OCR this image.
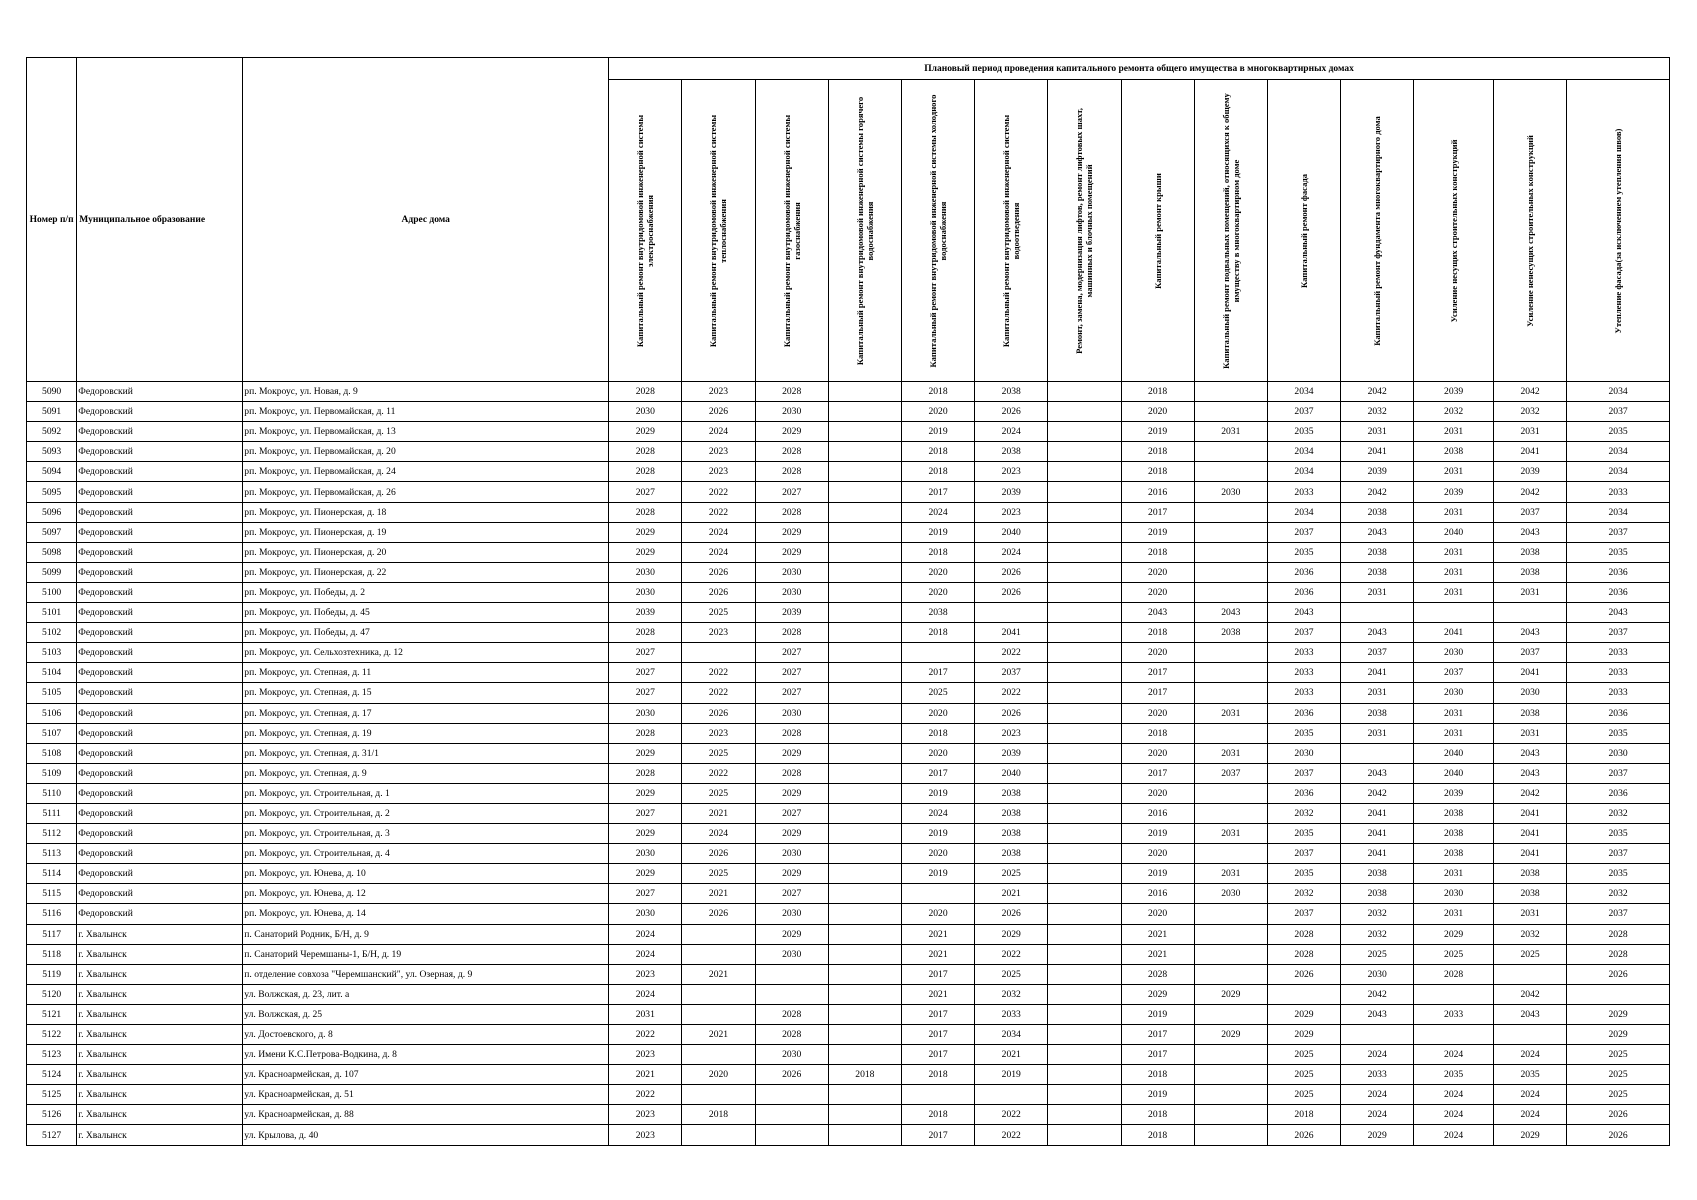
Номер п/п	Муниципальное образование	Адрес дома	Плановый период проведения капитального ремонта общего имущества в многоквартирных домах													

			Капитальный ремонт внутридомовой инженерной системы электроснабжения	Капитальный ремонт внутридомовой инженерной системы теплоснабжения	Капитальный ремонт внутридомовой инженерной системы газоснабжения	Капитальный ремонт внутридомовой инженерной системы горячего водоснабжения	Капитальный ремонт внутридомовой инженерной системы холодного водоснабжения	Капитальный ремонт внутридомовой инженерной системы водоотведения	Ремонт, замена, модернизация лифтов, ремонт лифтовых шахт, машинных и блочных помещений	Капитальный ремонт крыши	Капитальный ремонт подвальных помещений, относящихся к общему имуществу в многоквартирном доме	Капитальный ремонт фасада	Капитальный ремонт фундамента многоквартирного дома	Усиление несущих строительных конструкций	Усиление ненесущих строительных конструкций	Утепление фасада(за исключением утепления швов)

5090	Федоровский	рп. Мокроус, ул. Новая, д. 9	2028	2023	2028		2018	2038		2018		2034	2042	2039	2042	2034
5091	Федоровский	рп. Мокроус, ул. Первомайская, д. 11	2030	2026	2030		2020	2026		2020		2037	2032	2032	2032	2037
5092	Федоровский	рп. Мокроус, ул. Первомайская, д. 13	2029	2024	2029		2019	2024		2019	2031	2035	2031	2031	2031	2035
5093	Федоровский	рп. Мокроус, ул. Первомайская, д. 20	2028	2023	2028		2018	2038		2018		2034	2041	2038	2041	2034
5094	Федоровский	рп. Мокроус, ул. Первомайская, д. 24	2028	2023	2028		2018	2023		2018		2034	2039	2031	2039	2034
5095	Федоровский	рп. Мокроус, ул. Первомайская, д. 26	2027	2022	2027		2017	2039		2016	2030	2033	2042	2039	2042	2033
5096	Федоровский	рп. Мокроус, ул. Пионерская, д. 18	2028	2022	2028		2024	2023		2017		2034	2038	2031	2037	2034
5097	Федоровский	рп. Мокроус, ул. Пионерская, д. 19	2029	2024	2029		2019	2040		2019		2037	2043	2040	2043	2037
5098	Федоровский	рп. Мокроус, ул. Пионерская, д. 20	2029	2024	2029		2018	2024		2018		2035	2038	2031	2038	2035
5099	Федоровский	рп. Мокроус, ул. Пионерская, д. 22	2030	2026	2030		2020	2026		2020		2036	2038	2031	2038	2036
5100	Федоровский	рп. Мокроус, ул. Победы, д. 2	2030	2026	2030		2020	2026		2020		2036	2031	2031	2031	2036
5101	Федоровский	рп. Мокроус, ул. Победы, д. 45	2039	2025	2039		2038			2043	2043	2043				2043
5102	Федоровский	рп. Мокроус, ул. Победы, д. 47	2028	2023	2028		2018	2041		2018	2038	2037	2043	2041	2043	2037
5103	Федоровский	рп. Мокроус, ул. Сельхозтехника, д. 12	2027		2027			2022		2020		2033	2037	2030	2037	2033
5104	Федоровский	рп. Мокроус, ул. Степная, д. 11	2027	2022	2027		2017	2037		2017		2033	2041	2037	2041	2033
5105	Федоровский	рп. Мокроус, ул. Степная, д. 15	2027	2022	2027		2025	2022		2017		2033	2031	2030	2030	2033
5106	Федоровский	рп. Мокроус, ул. Степная, д. 17	2030	2026	2030		2020	2026		2020	2031	2036	2038	2031	2038	2036
5107	Федоровский	рп. Мокроус, ул. Степная, д. 19	2028	2023	2028		2018	2023		2018		2035	2031	2031	2031	2035
5108	Федоровский	рп. Мокроус, ул. Степная, д. 31/1	2029	2025	2029		2020	2039		2020	2031	2030		2040	2043	2030
5109	Федоровский	рп. Мокроус, ул. Степная, д. 9	2028	2022	2028		2017	2040		2017	2037	2037	2043	2040	2043	2037
5110	Федоровский	рп. Мокроус, ул. Строительная, д. 1	2029	2025	2029		2019	2038		2020		2036	2042	2039	2042	2036
5111	Федоровский	рп. Мокроус, ул. Строительная, д. 2	2027	2021	2027		2024	2038		2016		2032	2041	2038	2041	2032
5112	Федоровский	рп. Мокроус, ул. Строительная, д. 3	2029	2024	2029		2019	2038		2019	2031	2035	2041	2038	2041	2035
5113	Федоровский	рп. Мокроус, ул. Строительная, д. 4	2030	2026	2030		2020	2038		2020		2037	2041	2038	2041	2037
5114	Федоровский	рп. Мокроус, ул. Юнева, д. 10	2029	2025	2029		2019	2025		2019	2031	2035	2038	2031	2038	2035
5115	Федоровский	рп. Мокроус, ул. Юнева, д. 12	2027	2021	2027			2021		2016	2030	2032	2038	2030	2038	2032
5116	Федоровский	рп. Мокроус, ул. Юнева, д. 14	2030	2026	2030		2020	2026		2020		2037	2032	2031	2031	2037
5117	г. Хвалынск	п. Санаторий Родник, Б/Н, д. 9	2024		2029		2021	2029		2021		2028	2032	2029	2032	2028
5118	г. Хвалынск	п. Санаторий Черемшаны-1, Б/Н, д. 19	2024		2030		2021	2022		2021		2028	2025	2025	2025	2028
5119	г. Хвалынск	п. отделение совхоза "Черемшанский", ул. Озерная, д. 9	2023	2021			2017	2025		2028		2026	2030	2028		2026
5120	г. Хвалынск	ул. Волжская, д. 23, лит. а	2024				2021	2032		2029	2029		2042		2042	
5121	г. Хвалынск	ул. Волжская, д. 25	2031		2028		2017	2033		2019		2029	2043	2033	2043	2029
5122	г. Хвалынск	ул. Достоевского, д. 8	2022	2021	2028		2017	2034		2017	2029	2029				2029
5123	г. Хвалынск	ул. Имени К.С.Петрова-Водкина, д. 8	2023		2030		2017	2021		2017		2025	2024	2024	2024	2025
5124	г. Хвалынск	ул. Красноармейская, д. 107	2021	2020	2026	2018	2018	2019		2018		2025	2033	2035	2035	2025
5125	г. Хвалынск	ул. Красноармейская, д. 51	2022							2019		2025	2024	2024	2024	2025
5126	г. Хвалынск	ул. Красноармейская, д. 88	2023	2018			2018	2022		2018		2018	2024	2024	2024	2026
5127	г. Хвалынск	ул. Крылова, д. 40	2023				2017	2022		2018		2026	2029	2024	2029	2026
